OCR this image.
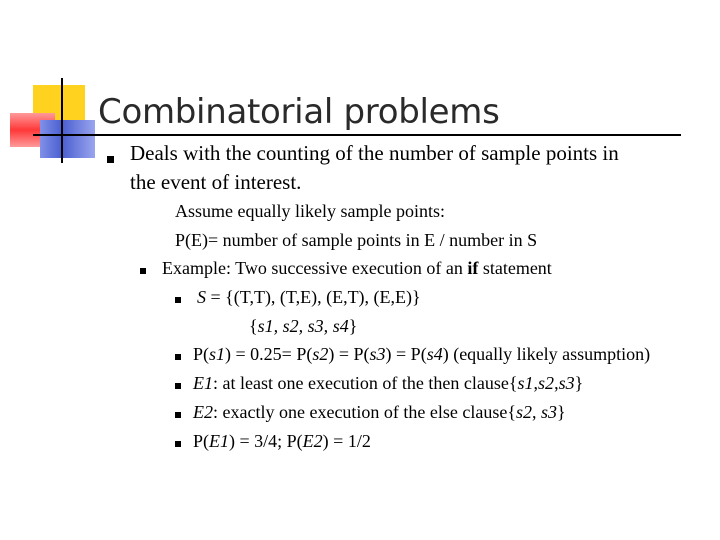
Combinatorial problems
Deals with the counting of the number of sample points in
the event of interest.
Assume equally likely sample points:
P(E)= number of sample points in E / number in S
Example: Two successive execution of an if statement
S = {(T,T), (T,E), (E,T), (E,E)}
{s1, s2, s3, s4}
P(s1) = 0.25= P(s2) = P(s3) = P(s4) (equally likely assumption)
E1: at least one execution of the then clause{s1,s2,s3}
E2: exactly one execution of the else clause{s2, s3}
P(E1) = 3/4; P(E2) = 1/2
